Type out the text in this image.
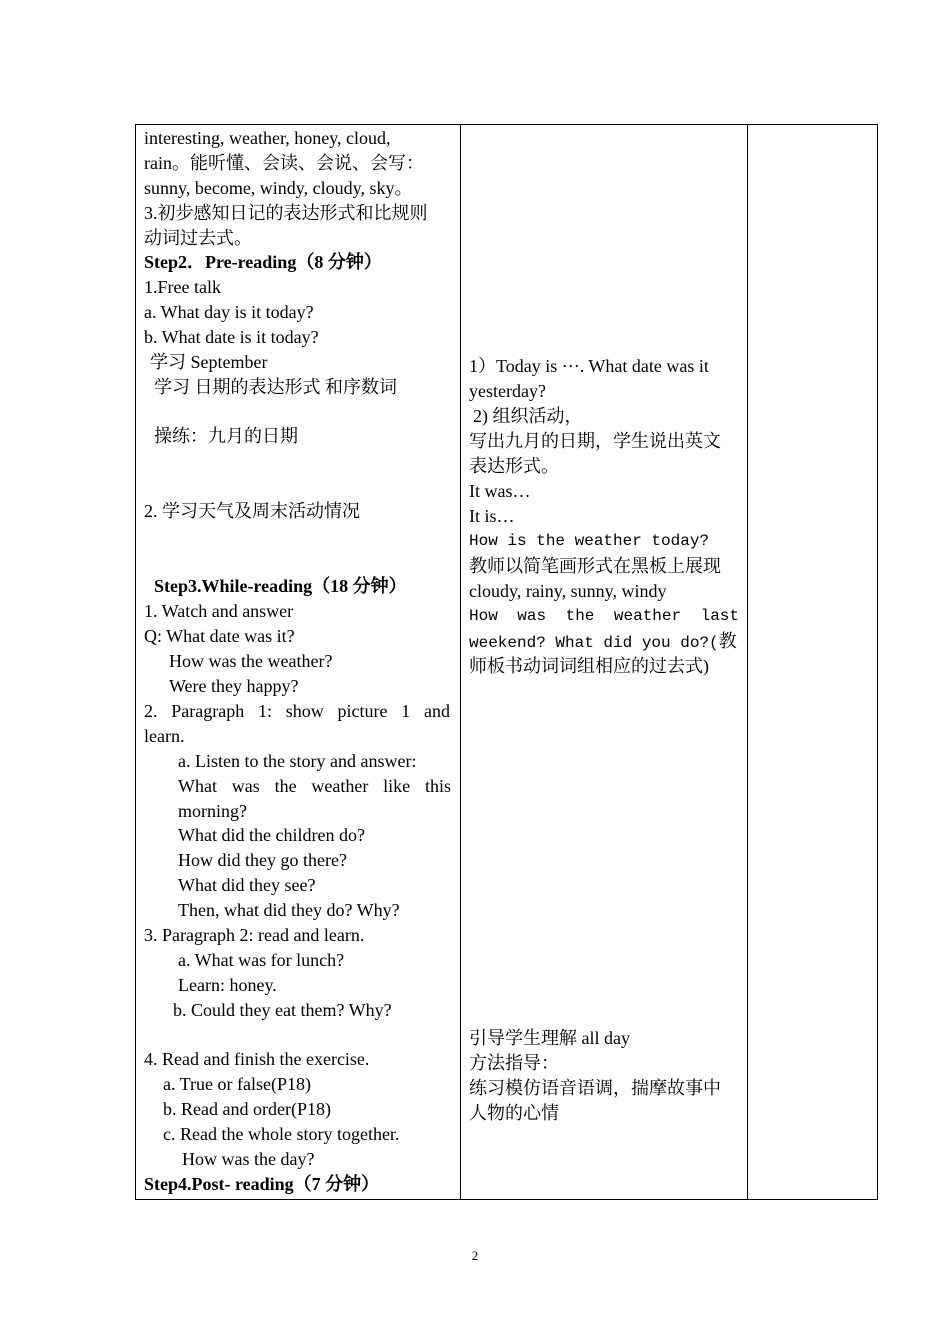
interesting, weather, honey, cloud,
rain。能听懂、会读、会说、会写：
sunny, become, windy, cloudy, sky。
3.初步感知日记的表达形式和比规则
动词过去式。
Step2．Pre-reading（8 分钟）
1.Free talk
a. What day is it today?
b. What date is it today?
学习 September
学习 日期的表达形式 和序数词
操练：九月的日期
2. 学习天气及周末活动情况
Step3.While-reading（18 分钟）
1. Watch and answer
Q: What date was it?
How was the weather?
Were they happy?
2. Paragraph 1: show picture 1 and
learn.
a. Listen to the story and answer:
What was the weather like this
morning?
What did the children do?
How did they go there?
What did they see?
Then, what did they do? Why?
3. Paragraph 2: read and learn.
a. What was for lunch?
Learn: honey.
b. Could they eat them? Why?
4. Read and finish the exercise.
a. True or false(P18)
b. Read and order(P18)
c. Read the whole story together.
How was the day?
Step4.Post- reading（7 分钟）
1）Today is ···. What date was it
yesterday?
2) 组织活动，
写出九月的日期，学生说出英文
表达形式。
It was…
It is…
How is the weather today?
教师以简笔画形式在黑板上展现
cloudy, rainy, sunny, windy
How was the weather last
weekend? What did you do?(教
师板书动词词组相应的过去式)
引导学生理解 all day
方法指导：
练习模仿语音语调，揣摩故事中
人物的心情
2
